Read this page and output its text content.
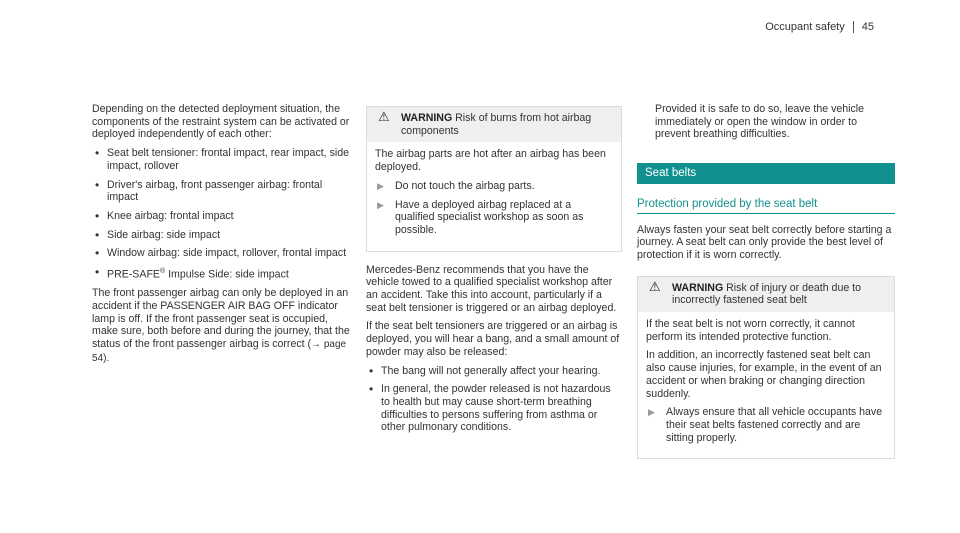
Occupant safety 45

Depending on the detected deployment situation, the components of the restraint system can be activated or deployed independently of each other:

• Seat belt tensioner: frontal impact, rear impact, side impact, rollover
• Driver's airbag, front passenger airbag: frontal impact
• Knee airbag: frontal impact
• Side airbag: side impact
• Window airbag: side impact, rollover, frontal impact
• PRE-SAFE® Impulse Side: side impact

The front passenger airbag can only be deployed in an accident if the PASSENGER AIR BAG OFF indicator lamp is off. If the front passenger seat is occupied, make sure, both before and during the journey, that the status of the front passenger airbag is correct (→ page 54).

⚠ WARNING Risk of burns from hot airbag components

The airbag parts are hot after an airbag has been deployed.

▶	Do not touch the airbag parts.
▶	Have a deployed airbag replaced at a qualified specialist workshop as soon as possible.

Mercedes-Benz recommends that you have the vehicle towed to a qualified specialist workshop after an accident. Take this into account, particularly if a seat belt tensioner is triggered or an airbag deployed.

If the seat belt tensioners are triggered or an airbag is deployed, you will hear a bang, and a small amount of powder may also be released:

• The bang will not generally affect your hearing.
• In general, the powder released is not hazardous to health but may cause short-term breathing difficulties to persons suffering from asthma or other pulmonary conditions.

Provided it is safe to do so, leave the vehicle immediately or open the window in order to prevent breathing difficulties.

Seat belts
Protection provided by the seat belt

Always fasten your seat belt correctly before starting a journey. A seat belt can only provide the best level of protection if it is worn correctly.

⚠ WARNING Risk of injury or death due to incorrectly fastened seat belt

If the seat belt is not worn correctly, it cannot perform its intended protective function.

In addition, an incorrectly fastened seat belt can also cause injuries, for example, in the event of an accident or when braking or changing direction suddenly.

▶	Always ensure that all vehicle occupants have their seat belts fastened correctly and are sitting properly.
